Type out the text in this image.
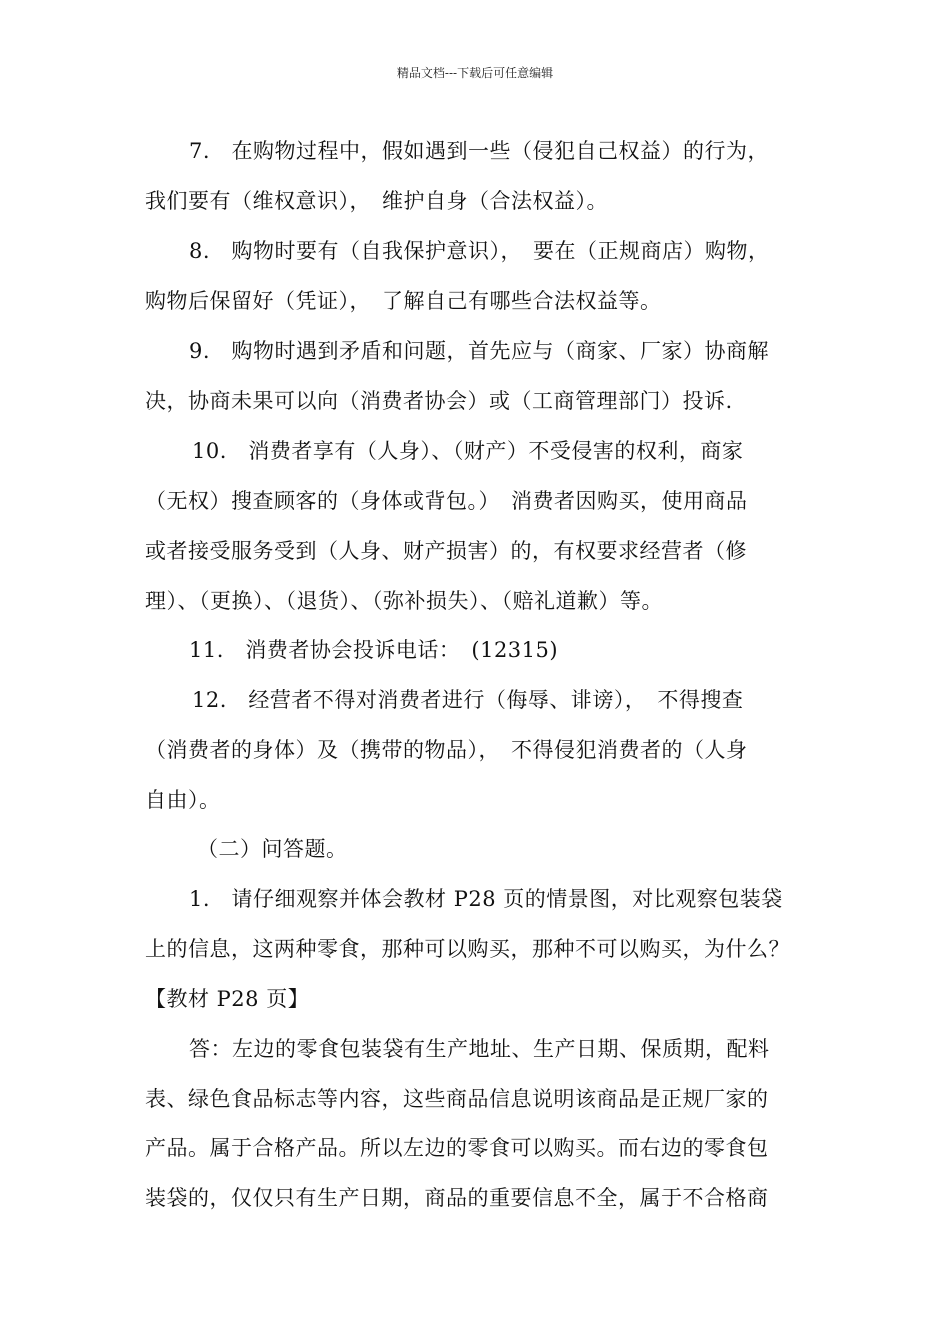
精品文档---下载后可任意编辑
7.　在购物过程中，假如遇到一些（侵犯自己权益）的行为，
我们要有（维权意识），　维护自身（合法权益）。
8.　购物时要有（自我保护意识），　要在（正规商店）购物，
购物后保留好（凭证），　了解自己有哪些合法权益等。
9.　购物时遇到矛盾和问题，首先应与（商家、厂家）协商解
决，协商未果可以向（消费者协会）或（工商管理部门）投诉.
10.　消费者享有（人身）、（财产）不受侵害的权利，商家
（无权）搜查顾客的（身体或背包。）　消费者因购买，使用商品
或者接受服务受到（人身、财产损害）的，有权要求经营者（修
理）、（更换）、（退货）、（弥补损失）、（赔礼道歉）等。
11.　消费者协会投诉电话：　(12315)
12.　经营者不得对消费者进行（侮辱、诽谤），　不得搜查
（消费者的身体）及（携带的物品），　不得侵犯消费者的（人身
自由）。
（二）问答题。
1.　请仔细观察并体会教材 P28 页的情景图，对比观察包装袋
上的信息，这两种零食，那种可以购买，那种不可以购买，为什么？
【教材 P28 页】
答：左边的零食包装袋有生产地址、生产日期、保质期，配料
表、绿色食品标志等内容，这些商品信息说明该商品是正规厂家的
产品。属于合格产品。所以左边的零食可以购买。而右边的零食包
装袋的，仅仅只有生产日期，商品的重要信息不全，属于不合格商
